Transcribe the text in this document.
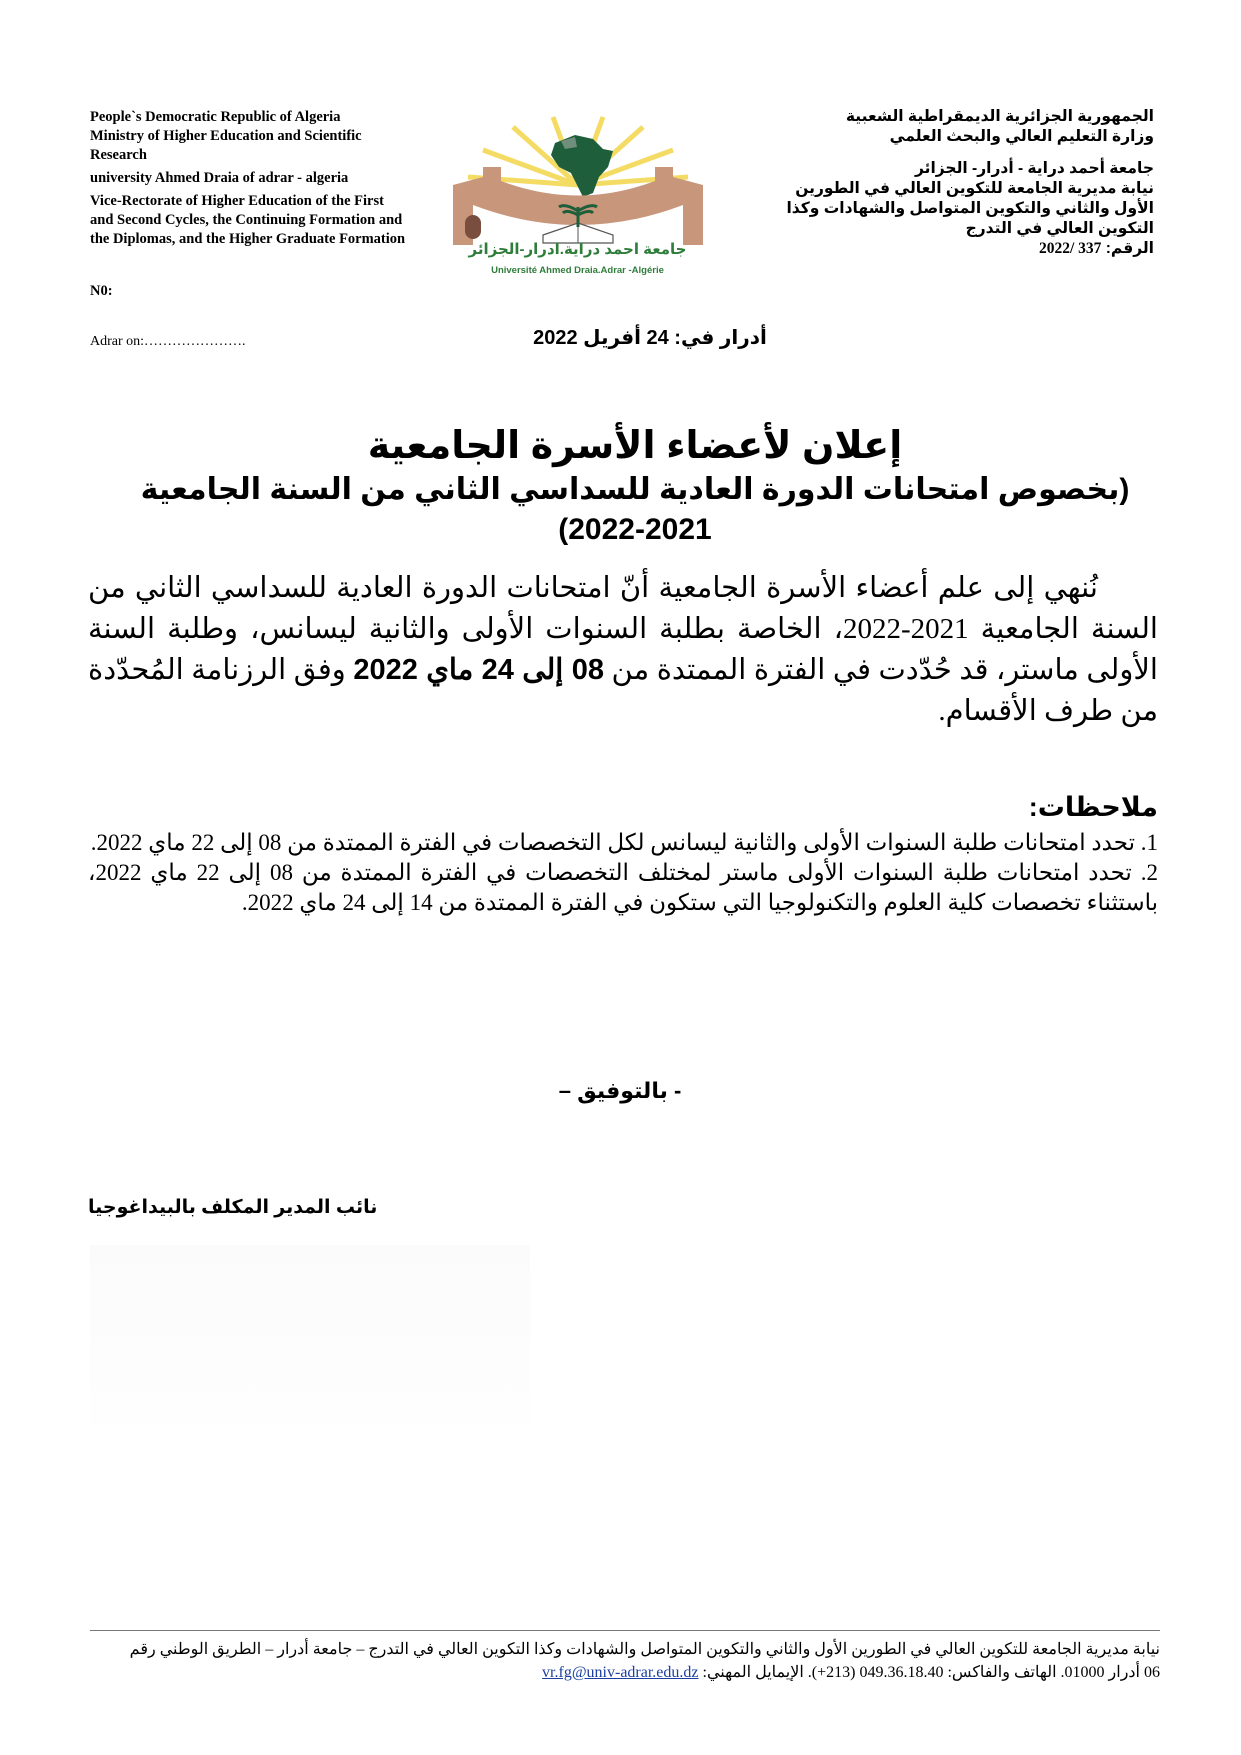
People`s Democratic Republic of Algeria
Ministry of Higher Education and Scientific Research
university Ahmed Draia of adrar - algeria
Vice-Rectorate of Higher Education of the First and Second Cycles, the Continuing Formation and the Diplomas, and the Higher Graduate Formation
N0:
جامعة احمد دراية.ادرار-الجزائر
Université Ahmed Draia.Adrar -Algérie
الجمهورية الجزائرية الديمقراطية الشعبية
وزارة التعليم العالي والبحث العلمي
جامعة أحمد دراية - أدرار- الجزائر
نيابة مديرية الجامعة للتكوين العالي في الطورين الأول والثاني والتكوين المتواصل والشهادات وكذا التكوين العالي في التدرج
الرقم: 2022/ 337
Adrar on:………………….	أدرار في: 24 أفريل 2022
إعلان لأعضاء الأسرة الجامعية
(بخصوص امتحانات الدورة العادية للسداسي الثاني من السنة الجامعية 2021-2022)
نُنهي إلى علم أعضاء الأسرة الجامعية أنّ امتحانات الدورة العادية للسداسي الثاني من السنة الجامعية 2021-2022، الخاصة بطلبة السنوات الأولى والثانية ليسانس، وطلبة السنة الأولى ماستر، قد حُدّدت في الفترة الممتدة من 08 إلى 24 ماي 2022 وفق الرزنامة المُحدّدة من طرف الأقسام.
ملاحظات:

1. تحدد امتحانات طلبة السنوات الأولى والثانية ليسانس لكل التخصصات في الفترة الممتدة من 08 إلى 22 ماي 2022.

2. تحدد امتحانات طلبة السنوات الأولى ماستر لمختلف التخصصات في الفترة الممتدة من 08 إلى 22 ماي 2022، باستثناء تخصصات كلية العلوم والتكنولوجيا التي ستكون في الفترة الممتدة من 14 إلى 24 ماي 2022.

- بالتوفيق –
نائب المدير المكلف بالبيداغوجيا
نيابة مديرية الجامعة للتكوين العالي في الطورين الأول والثاني والتكوين المتواصل والشهادات وكذا التكوين العالي في التدرج – جامعة أدرار – الطريق الوطني رقم
06 أدرار 01000. الهاتف والفاكس: 049.36.18.40 (213+). الإيمايل المهني: vr.fg@univ-adrar.edu.dz
